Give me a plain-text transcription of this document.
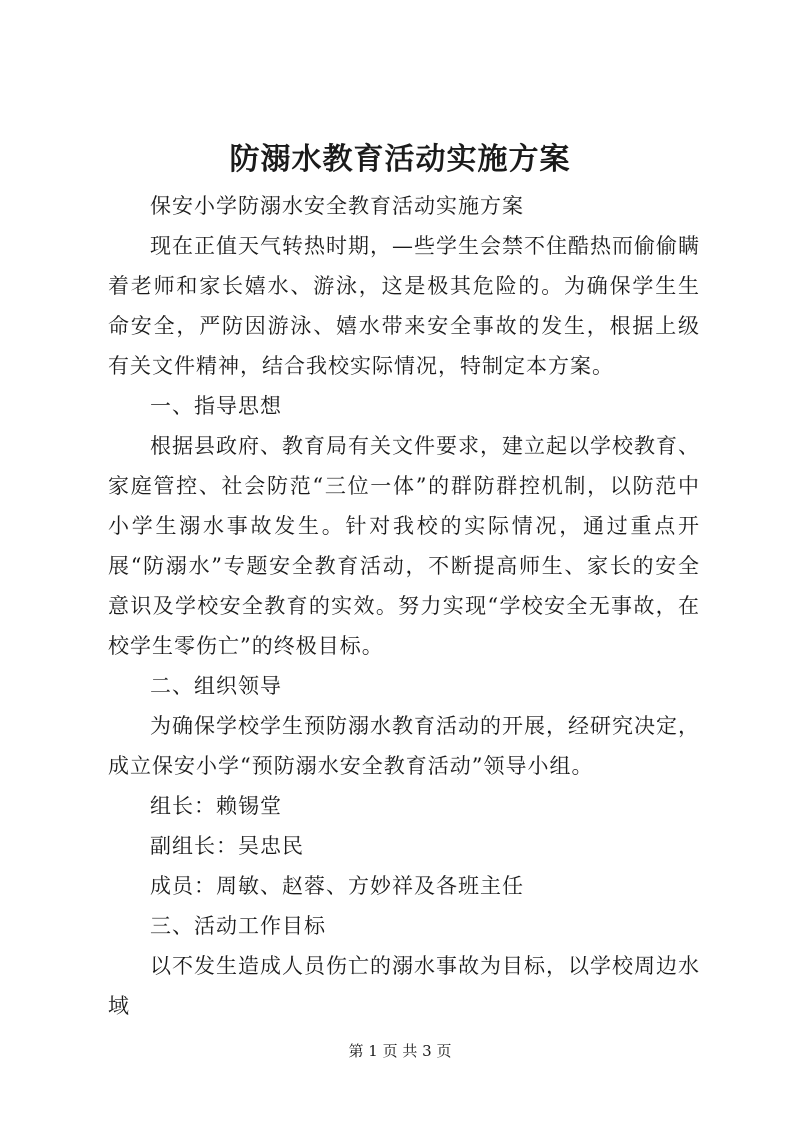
防溺水教育活动实施方案

保安小学防溺水安全教育活动实施方案

现在正值天气转热时期，—些学生会禁不住酷热而偷偷瞒着老师和家长嬉水、游泳，这是极其危险的。为确保学生生命安全，严防因游泳、嬉水带来安全事故的发生，根据上级有关文件精神，结合我校实际情况，特制定本方案。

一、指导思想

根据县政府、教育局有关文件要求，建立起以学校教育、家庭管控、社会防范“三位一体”的群防群控机制，以防范中小学生溺水事故发生。针对我校的实际情况，通过重点开展“防溺水”专题安全教育活动，不断提高师生、家长的安全意识及学校安全教育的实效。努力实现“学校安全无事故，在校学生零伤亡”的终极目标。

二、组织领导

为确保学校学生预防溺水教育活动的开展，经研究决定，成立保安小学“预防溺水安全教育活动”领导小组。

组长：赖锡堂

副组长：吴忠民

成员：周敏、赵蓉、方妙祥及各班主任

三、活动工作目标

以不发生造成人员伤亡的溺水事故为目标，以学校周边水域

第 1 页 共 3 页
